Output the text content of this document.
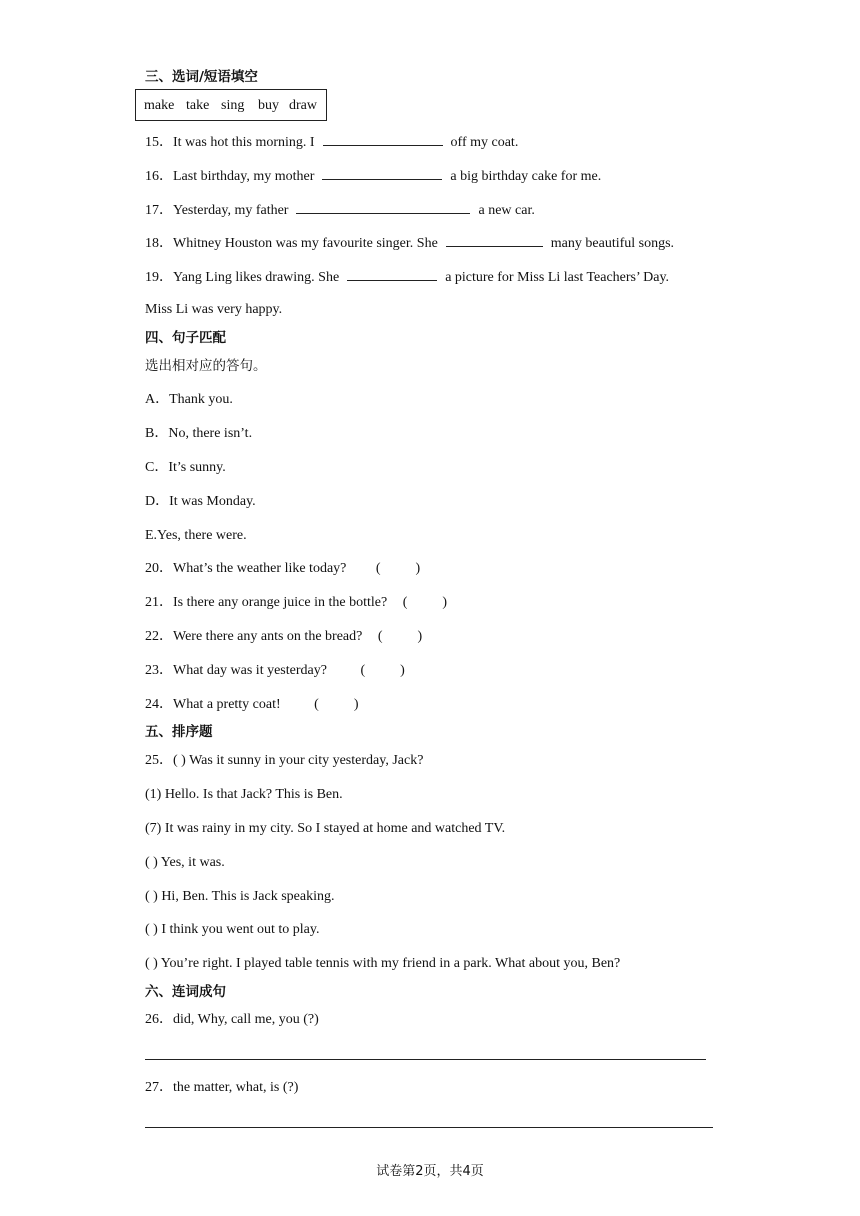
三、选词/短语填空
make take sing buy draw
15．It was hot this morning. I	off my coat.
16．Last birthday, my mother	a big birthday cake for me.
17．Yesterday, my father	a new car.
18．Whitney Houston was my favourite singer. She	many beautiful songs.
19．Yang Ling likes drawing. She	a picture for Miss Li last Teachers’ Day.
Miss Li was very happy.
四、句子匹配
选出相对应的答句。
A．Thank you.
B．No, there isn’t.
C．It’s sunny.
D．It was Monday.
E.Yes, there were.
20．What’s the weather like today? (          )
21．Is there any orange juice in the bottle? (          )
22．Were there any ants on the bread? (          )
23．What day was it yesterday? (          )
24．What a pretty coat! (          )
五、排序题
25．( ) Was it sunny in your city yesterday, Jack?
(1) Hello. Is that Jack? This is Ben.
(7) It was rainy in my city. So I stayed at home and watched TV.
( ) Yes, it was.
( ) Hi, Ben. This is Jack speaking.
( ) I think you went out to play.
( ) You’re right. I played table tennis with my friend in a park. What about you, Ben?
六、连词成句
26．did, Why, call me, you (?)
27．the matter, what, is (?)
试卷第2页，共4页
